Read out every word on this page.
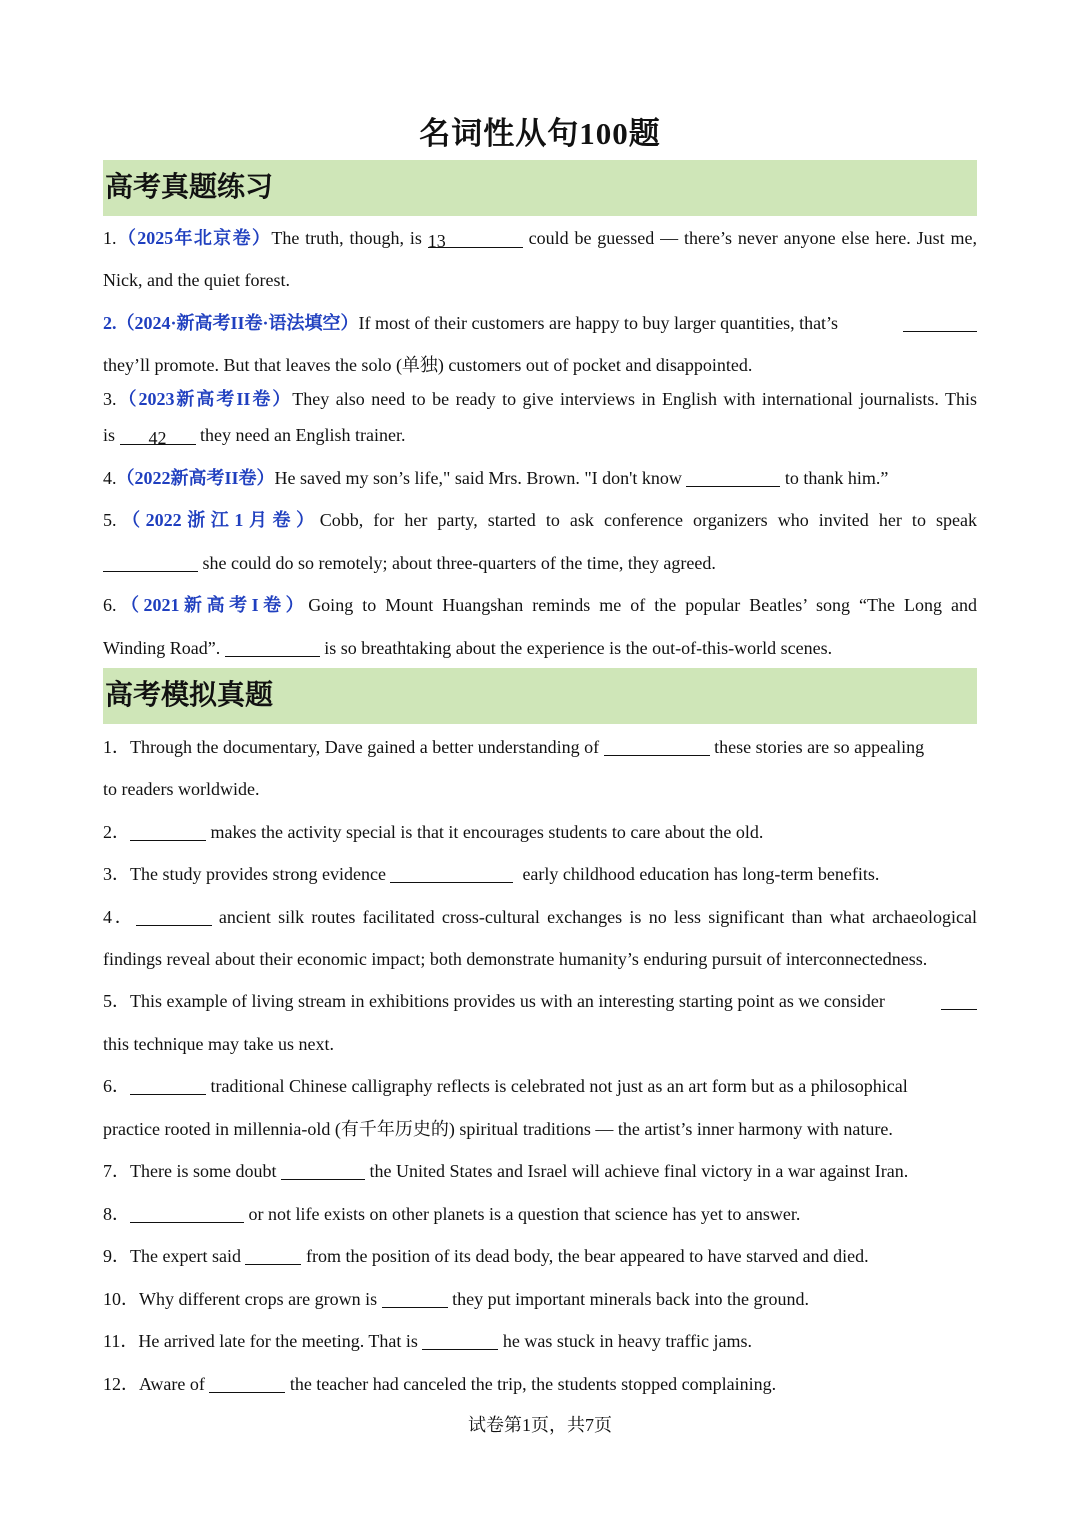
名词性从句100题
高考真题练习
1.（2025年北京卷）The truth, though, is 13	could be guessed — there’s never anyone else here. Just me,
Nick, and the quiet forest.
2.（2024·新高考II卷·语法填空）If most of their customers are happy to buy larger quantities, that’s
they’ll promote. But that leaves the solo (单独) customers out of pocket and disappointed.
3.（2023新高考II卷）They also need to be ready to give interviews in English with international journalists. This
is 42 they need an English trainer.
4.（2022新高考II卷）He saved my son’s life," said Mrs. Brown. "I don't know	to thank him.”
5.（2022浙江1月卷）Cobb, for her party, started to ask conference organizers who invited her to speak
she could do so remotely; about three-quarters of the time, they agreed.
6.（2021新高考I卷）Going to Mount Huangshan reminds me of the popular Beatles’ song “The Long and
Winding Road”.	is so breathtaking about the experience is the out-of-this-world scenes.
高考模拟真题
1．Through the documentary, Dave gained a better understanding of	these stories are so appealing
to readers worldwide.
2．	makes the activity special is that it encourages students to care about the old.
3．The study provides strong evidence	early childhood education has long-term benefits.
4．	ancient silk routes facilitated cross-cultural exchanges is no less significant than what archaeological
findings reveal about their economic impact; both demonstrate humanity’s enduring pursuit of interconnectedness.
5．This example of living stream in exhibitions provides us with an interesting starting point as we consider
this technique may take us next.
6．	traditional Chinese calligraphy reflects is celebrated not just as an art form but as a philosophical
practice rooted in millennia-old (有千年历史的) spiritual traditions — the artist’s inner harmony with nature.
7．There is some doubt	the United States and Israel will achieve final victory in a war against Iran.
8．	or not life exists on other planets is a question that science has yet to answer.
9．The expert said	from the position of its dead body, the bear appeared to have starved and died.
10．Why different crops are grown is	they put important minerals back into the ground.
11．He arrived late for the meeting. That is	he was stuck in heavy traffic jams.
12．Aware of	the teacher had canceled the trip, the students stopped complaining.
试卷第1页，共7页
